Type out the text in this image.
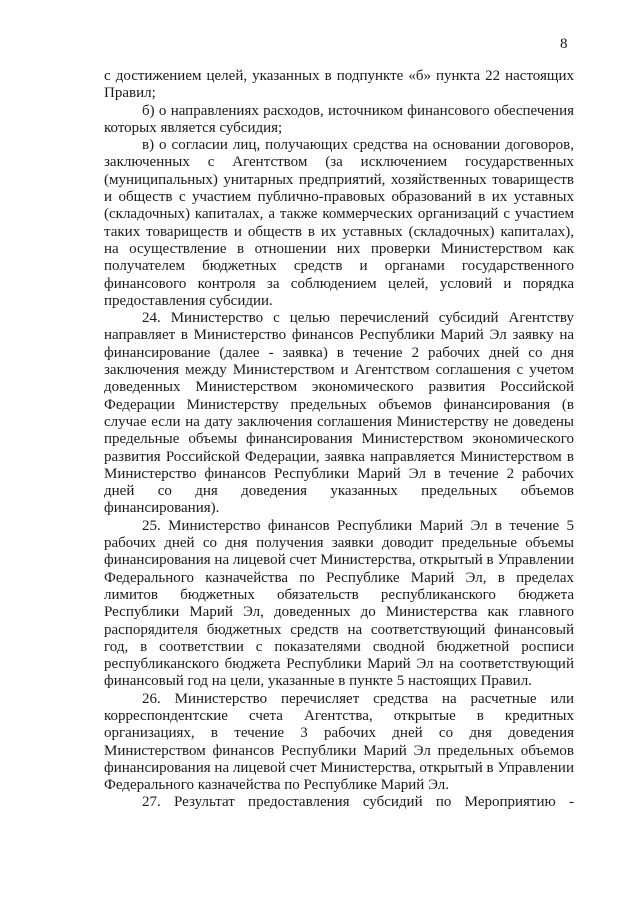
8

с достижением целей, указанных в подпункте «б» пункта 22 настоящих Правил;

б) о направлениях расходов, источником финансового обеспечения которых является субсидия;

в) о согласии лиц, получающих средства на основании договоров, заключенных с Агентством (за исключением государственных (муниципальных) унитарных предприятий, хозяйственных товариществ и обществ с участием публично-правовых образований в их уставных (складочных) капиталах, а также коммерческих организаций с участием таких товариществ и обществ в их уставных (складочных) капиталах), на осуществление в отношении них проверки Министерством как получателем бюджетных средств и органами государственного финансового контроля за соблюдением целей, условий и порядка предоставления субсидии.

24. Министерство с целью перечислений субсидий Агентству направляет в Министерство финансов Республики Марий Эл заявку на финансирование (далее - заявка) в течение 2 рабочих дней со дня заключения между Министерством и Агентством соглашения с учетом доведенных Министерством экономического развития Российской Федерации Министерству предельных объемов финансирования (в случае если на дату заключения соглашения Министерству не доведены предельные объемы финансирования Министерством экономического развития Российской Федерации, заявка направляется Министерством в Министерство финансов Республики Марий Эл в течение 2 рабочих дней со дня доведения указанных предельных объемов финансирования).

25. Министерство финансов Республики Марий Эл в течение 5 рабочих дней со дня получения заявки доводит предельные объемы финансирования на лицевой счет Министерства, открытый в Управлении Федерального казначейства по Республике Марий Эл, в пределах лимитов бюджетных обязательств республиканского бюджета Республики Марий Эл, доведенных до Министерства как главного распорядителя бюджетных средств на соответствующий финансовый год, в соответствии с показателями сводной бюджетной росписи республиканского бюджета Республики Марий Эл на соответствующий финансовый год на цели, указанные в пункте 5 настоящих Правил.

26. Министерство перечисляет средства на расчетные или корреспондентские счета Агентства, открытые в кредитных организациях, в течение 3 рабочих дней со дня доведения Министерством финансов Республики Марий Эл предельных объемов финансирования на лицевой счет Министерства, открытый в Управлении Федерального казначейства по Республике Марий Эл.

27. Результат предоставления субсидий по Мероприятию -
